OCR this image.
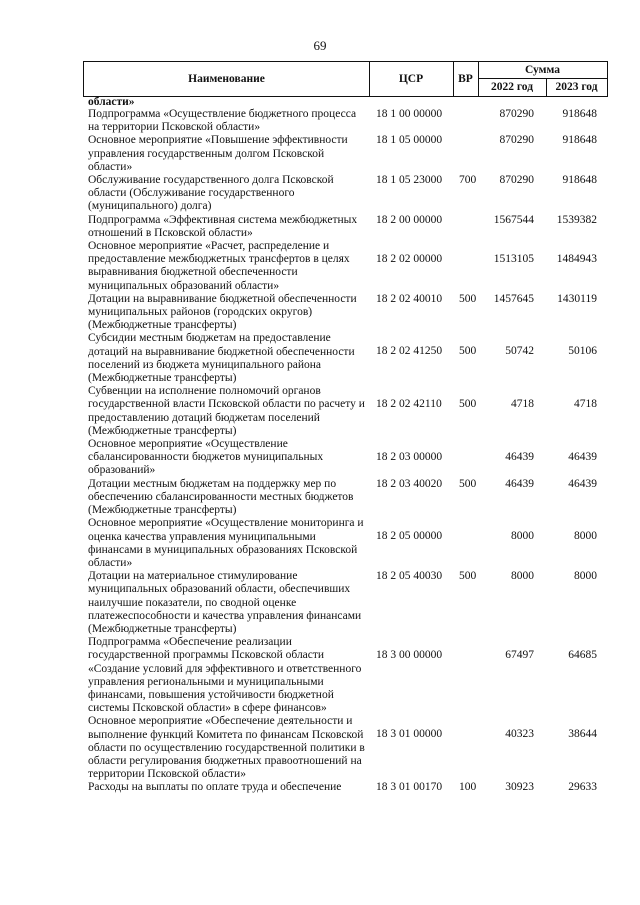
69
Наименование	ЦСР	ВР
Сумма
2022 год	2023 год
области»
Подпрограмма «Осуществление бюджетного процесса на территории Псковской области»
18 1 00 00000	870290	918648
Основное мероприятие «Повышение эффективности управления государственным долгом Псковской области»
18 1 05 00000	870290	918648
Обслуживание государственного долга Псковской области (Обслуживание государственного (муниципального) долга)
18 1 05 23000 700	870290	918648
Подпрограмма «Эффективная система межбюджетных отношений в Псковской области»
18 2 00 00000	1567544	1539382
Основное мероприятие «Расчет, распределение и предоставление межбюджетных трансфертов в целях выравнивания бюджетной обеспеченности муниципальных образований области»
18 2 02 00000	1513105	1484943
Дотации на выравнивание бюджетной обеспеченности муниципальных районов (городских округов) (Межбюджетные трансферты)
18 2 02 40010 500	1457645	1430119
Субсидии местным бюджетам на предоставление дотаций на выравнивание бюджетной обеспеченности поселений из бюджета муниципального района (Межбюджетные трансферты)
18 2 02 41250 500	50742	50106
Субвенции на исполнение полномочий органов государственной власти Псковской области по расчету и предоставлению дотаций бюджетам поселений (Межбюджетные трансферты)
18 2 02 42110 500	4718	4718
Основное мероприятие «Осуществление сбалансированности бюджетов муниципальных образований»
18 2 03 00000	46439	46439
Дотации местным бюджетам на поддержку мер по обеспечению сбалансированности местных бюджетов (Межбюджетные трансферты)
18 2 03 40020 500	46439	46439
Основное мероприятие «Осуществление мониторинга и оценка качества управления муниципальными финансами в муниципальных образованиях Псковской области»
18 2 05 00000	8000	8000
Дотации на материальное стимулирование муниципальных образований области, обеспечивших наилучшие показатели, по сводной оценке платежеспособности и качества управления финансами (Межбюджетные трансферты)
18 2 05 40030 500	8000	8000
Подпрограмма «Обеспечение реализации государственной программы Псковской области «Создание условий для эффективного и ответственного управления региональными и муниципальными финансами, повышения устойчивости бюджетной системы Псковской области» в сфере финансов»
18 3 00 00000	67497	64685
Основное мероприятие «Обеспечение деятельности и выполнение функций Комитета по финансам Псковской области по осуществлению государственной политики в области регулирования бюджетных правоотношений на территории Псковской области»
18 3 01 00000	40323	38644
Расходы на выплаты по оплате труда и обеспечение	18 3 01 00170 100	30923	29633
